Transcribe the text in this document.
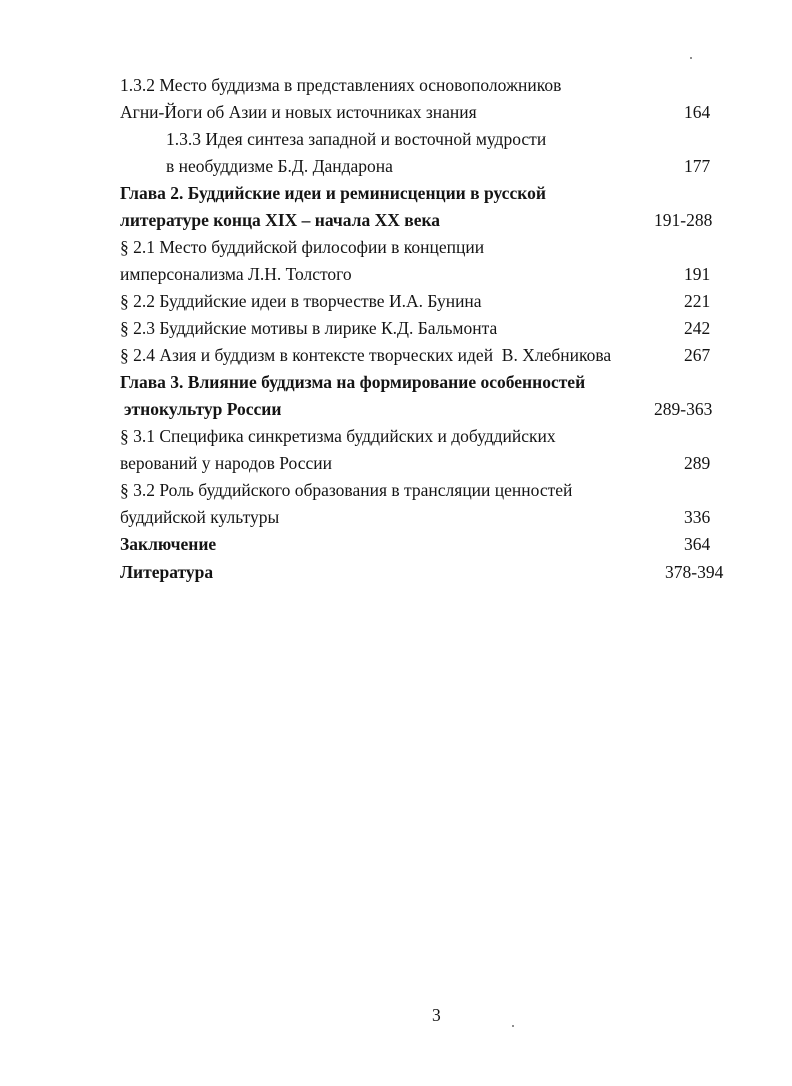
1.3.2 Место буддизма в представлениях основоположников
Агни-Йоги об Азии и новых источниках знания	164
1.3.3 Идея синтеза западной и восточной мудрости
в необуддизме Б.Д. Дандарона	177
Глава 2. Буддийские идеи и реминисценции в русской
литературе конца XIX – начала XX века	191-288
§ 2.1 Место буддийской философии в концепции
имперсонализма Л.Н. Толстого	191
§ 2.2 Буддийские идеи в творчестве И.А. Бунина	221
§ 2.3 Буддийские мотивы в лирике К.Д. Бальмонта	242
§ 2.4 Азия и буддизм в контексте творческих идей  В. Хлебникова	267
Глава 3. Влияние буддизма на формирование особенностей
этнокультур России	289-363
§ 3.1 Специфика синкретизма буддийских и добуддийских
верований у народов России	289
§ 3.2 Роль буддийского образования в трансляции ценностей
буддийской культуры	336
Заключение	364
Литература	378-394
3
